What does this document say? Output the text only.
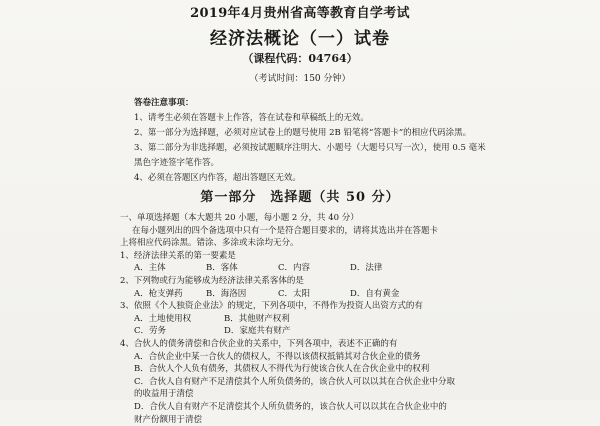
2019年4月贵州省高等教育自学考试
经济法概论（一）试卷
（课程代码：04764）
（考试时间：150 分钟）
答卷注意事项：
1、请考生必须在答题卡上作答，答在试卷和草稿纸上的无效。
2、第一部分为选择题，必须对应试卷上的题号使用 2B 铅笔将“答题卡”的相应代码涂黑。
3、第二部分为非选择题，必须按试题顺序注明大、小题号（大题号只写一次），使用 0.5 毫米
黑色字迹签字笔作答。
4、必须在答题区内作答，超出答题区无效。
第一部分　选择题（共 50 分）
一、单项选择题（本大题共 20 小题，每小题 2 分，共 40 分）
在每小题列出的四个备选项中只有一个是符合题目要求的，请将其选出并在答题卡
上将相应代码涂黑。错涂、多涂或未涂均无分。
1、经济法律关系的第一要素是
A．主体	B．客体	C．内容	D．法律
2、下列物或行为能够成为经济法律关系客体的是
A．枪支弹药	B．海洛因	C．太阳	D．自有黄金
3、依照《个人独资企业法》的规定，下列各项中，不得作为投资人出资方式的有
A．土地使用权	B．其他财产权利
C．劳务	D．家庭共有财产
4、合伙人的债务清偿和合伙企业的关系中，下列各项中，表述不正确的有
A．合伙企业中某一合伙人的债权人，不得以该债权抵销其对合伙企业的债务
B．合伙人个人负有债务，其债权人不得代为行使该合伙人在合伙企业中的权利
C．合伙人自有财产不足清偿其个人所负债务的，该合伙人可以以其在合伙企业中分取
的收益用于清偿
D．合伙人自有财产不足清偿其个人所负债务的，该合伙人可以以其在合伙企业中的
财产份额用于清偿
